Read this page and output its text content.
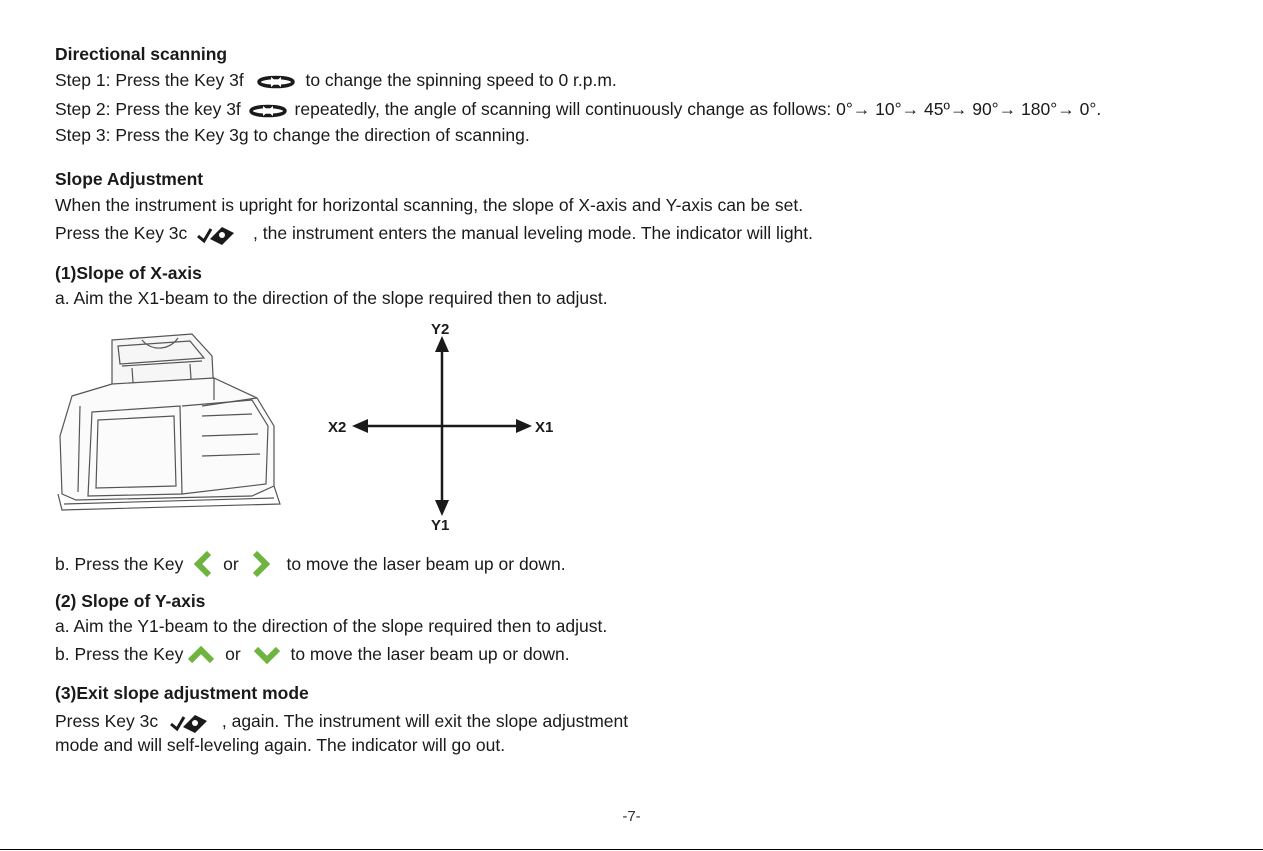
Directional scanning
Step 1: Press the Key 3f	to change the spinning speed to 0 r.p.m.
Step 2: Press the key 3f	repeatedly, the angle of scanning will continuously change as follows: 0°→ 10°→ 45º→ 90°→ 180°→ 0°.
Step 3: Press the Key 3g to change the direction of scanning.
Slope Adjustment
When the instrument is upright for horizontal scanning, the slope of X-axis and Y-axis can be set.
Press the Key 3c	, the instrument enters the manual leveling mode. The indicator will light.
(1)Slope of X-axis
a. Aim the X1-beam to the direction of the slope required then to adjust.
Y2
Y1
X2	X1
b. Press the Key or	to move the laser beam up or down.
(2) Slope of Y-axis
a. Aim the Y1-beam to the direction of the slope required then to adjust.
b. Press the Key or	to move the laser beam up or down.
(3)Exit slope adjustment mode
Press Key 3c	, again. The instrument will exit the slope adjustment
mode and will self-leveling again. The indicator will go out.
-7-
